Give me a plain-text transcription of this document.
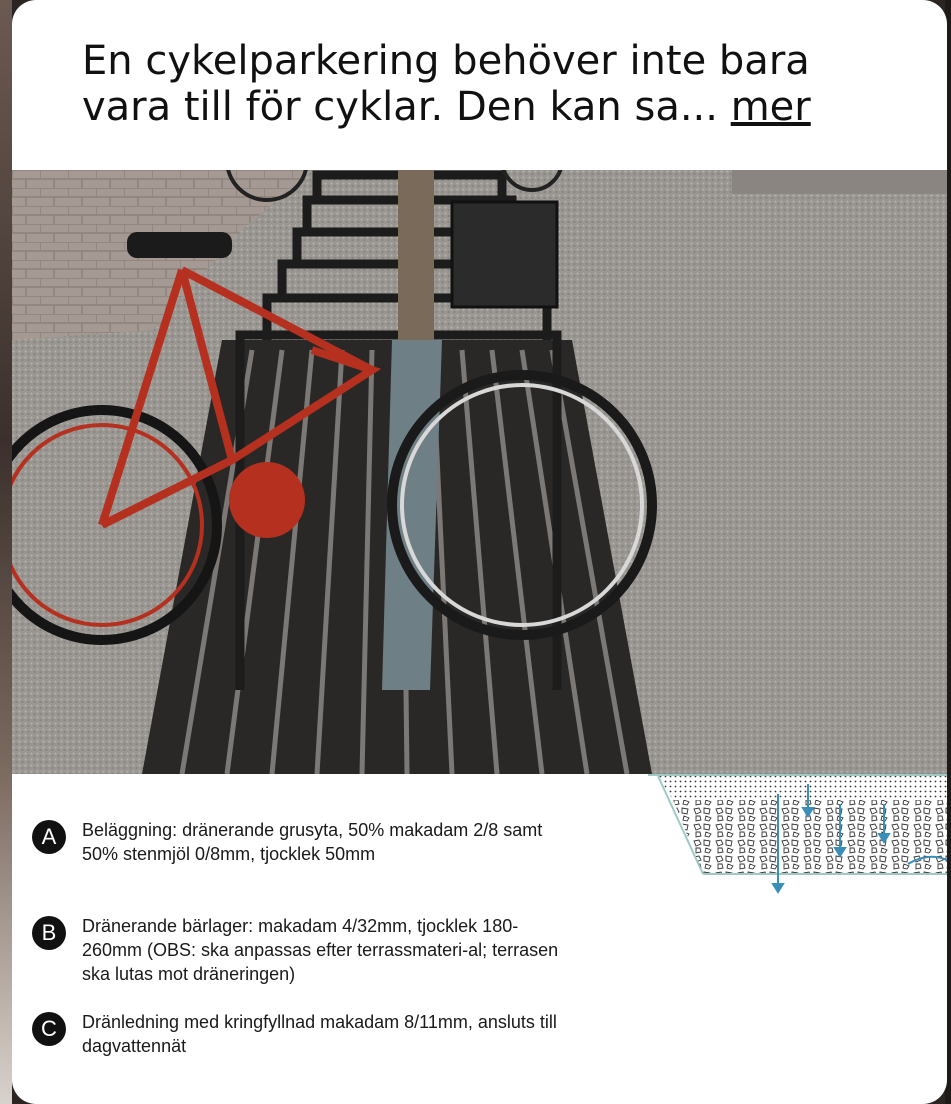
En cykelparkering behöver inte bara vara till för cyklar. Den kan sa... mer
A	Beläggning: dränerande grusyta, 50% makadam 2/8 samt 50% stenmjöl 0/8mm, tjocklek 50mm
B	Dränerande bärlager: makadam 4/32mm, tjocklek 180-260mm (OBS: ska anpassas efter terrassmateri-al; terrasen ska lutas mot dräneringen)
C	Dränledning med kringfyllnad makadam 8/11mm, ansluts till dagvattennät
